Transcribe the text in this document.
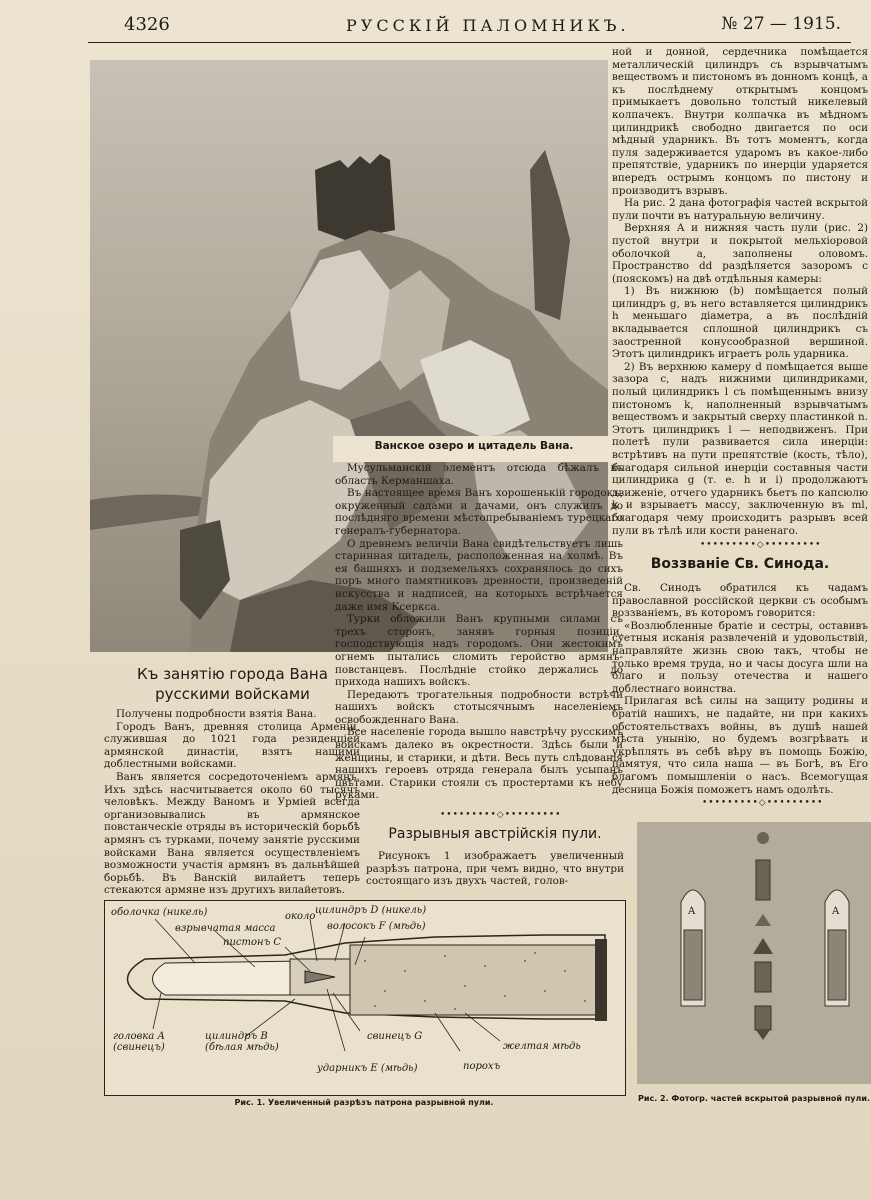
4326	РУССКІЙ ПАЛОМНИКЪ.	№ 27 — 1915.
Ванское озеро и цитадель Вана.

ной и донной, сердечника помѣщается металлическій цилиндръ съ взрывчатымъ веществомъ и пистономъ въ донномъ концѣ, а къ послѣднему открытымъ концомъ примыкаетъ довольно толстый никелевый колпачекъ. Внутри колпачка въ мѣдномъ цилиндрикѣ свободно двигается по оси мѣдный ударникъ. Въ тотъ моментъ, когда пуля задерживается ударомъ въ какое-либо препятствіе, ударникъ по инерціи ударяется впередъ острымъ концомъ по пистону и производитъ взрывъ.

На рис. 2 дана фотографія частей вскрытой пули почти въ натуральную величину.

Верхняя А и нижняя часть пули (рис. 2) пустой внутри и покрытой мельхіоровой оболочкой а, заполнены оловомъ. Пространство dd раздѣляется зазоромъ с (пояскомъ) на двѣ отдѣльныя камеры:

1) Въ нижнюю (b) помѣщается полый цилиндръ g, въ него вставляется цилиндрикъ h меньшаго діаметра, а въ послѣдній вкладывается сплошной цилиндрикъ съ заостренной конусообразной вершиной. Этотъ цилиндрикъ играетъ роль ударника.

2) Въ верхнюю камеру d помѣщается выше зазора с, надъ нижними цилиндриками, полый цилиндрикъ l съ помѣщеннымъ внизу пистономъ k, наполненный взрывчатымъ веществомъ и закрытый сверху пластинкой n. Этотъ цилиндрикъ l — неподвиженъ. При полетѣ пули развивается сила инерціи: встрѣтивъ на пути препятствіе (кость, тѣло), благодаря сильной инерціи составныя части цилиндрика g (т. е. h и i) продолжаютъ движеніе, отчего ударникъ бьетъ по капсюлю k и взрываетъ массу, заключенную въ ml, благодаря чему происходитъ разрывъ всей пули въ тѣлѣ или кости раненаго.

•••••••••◇•••••••••
Воззваніе Св. Синода.

Св. Синодъ обратился къ чадамъ православной россійской церкви съ особымъ воззваніемъ, въ которомъ говорится:

«Возлюбленные братіе и сестры, оставивъ суетныя исканія развлеченій и удовольствій, направляйте жизнь свою такъ, чтобы не только время труда, но и часы досуга шли на благо и пользу отечества и нашего доблестнаго воинства.

Прилагая всѣ силы на защиту родины и братій нашихъ, не падайте, ни при какихъ обстоятельствахъ войны, въ душѣ нашей мѣста унынію, но будемъ возгрѣвать и укрѣплять въ себѣ вѣру въ помощь Божію, памятуя, что сила наша — въ Богѣ, въ Его благомъ помышленіи о насъ. Всемогущая десница Божія поможетъ намъ одолѣть.

•••••••••◇•••••••••

Мусульманскій элементъ отсюда бѣжалъ въ область Керманшаха.

Въ настоящее время Ванъ хорошенькій городокъ, окруженный садами и дачами, онъ служилъ до послѣдняго времени мѣстопребываніемъ турецкаго генералъ-губернатора.

О древнемъ величіи Вана свидѣтельствуетъ лишь старинная цитадель, расположенная на холмѣ. Въ ея башняхъ и подземельяхъ сохранялось до сихъ поръ много памятниковъ древности, произведеній искусства и надписей, на которыхъ встрѣчается даже имя Ксеркса.

Турки обложили Ванъ крупными силами съ трехъ сторонъ, занявъ горныя позиціи, господствующія надъ городомъ. Они жестокимъ огнемъ пытались сломить геройство армянъ-повстанцевъ. Послѣдніе стойко держались до прихода нашихъ войскъ.

Передаютъ трогательныя подробности встрѣчи нашихъ войскъ стотысячнымъ населеніемъ освобожденнаго Вана.

Все населеніе города вышло навстрѣчу русскимъ войскамъ далеко въ окрестности. Здѣсь были и женщины, и старики, и дѣти. Весь путь слѣдованія нашихъ героевъ отряда генерала былъ усыпанъ цвѣтами. Старики стояли съ простертами къ небу руками.

•••••••••◇•••••••••
Къ занятію города Вана русскими войсками

Получены подробности взятія Вана.

Городъ Ванъ, древняя столица Арменіи, служившая до 1021 года резиденціей армянской династіи, взятъ нашими доблестными войсками.

Ванъ является сосредоточеніемъ армянъ. Ихъ здѣсь насчитывается около 60 тысячъ человѣкъ. Между Ваномъ и Урміей всегда организовывались въ армянское повстанческіе отряды въ историческій борьбѣ армянъ съ турками, почему занятіе русскими войсками Вана является осуществленіемъ возможности участія армянъ въ дальнѣйшей борьбѣ. Въ Ванскій вилайетъ теперь стекаются армяне изъ другихъ вилайетовъ.

Разрывныя австрійскія пули.

Рисунокъ 1 изображаетъ увеличенный разрѣзъ патрона, при чемъ видно, что внутри состоящаго изъ двухъ частей, голов-

оболочка (никель)
взрывчатая масса
пистонъ С
около
цилиндръ D (никель)
волосокъ F (мѣдь)
головка А (свинецъ)
цилиндръ В (бѣлая мѣдь)
свинецъ G
ударникъ Е (мѣдь)	порохъ
желтая мѣдь
Рис. 1. Увеличенный разрѣзъ патрона разрывной пули.
A	A
Рис. 2. Фотогр. частей вскрытой разрывной пули.
